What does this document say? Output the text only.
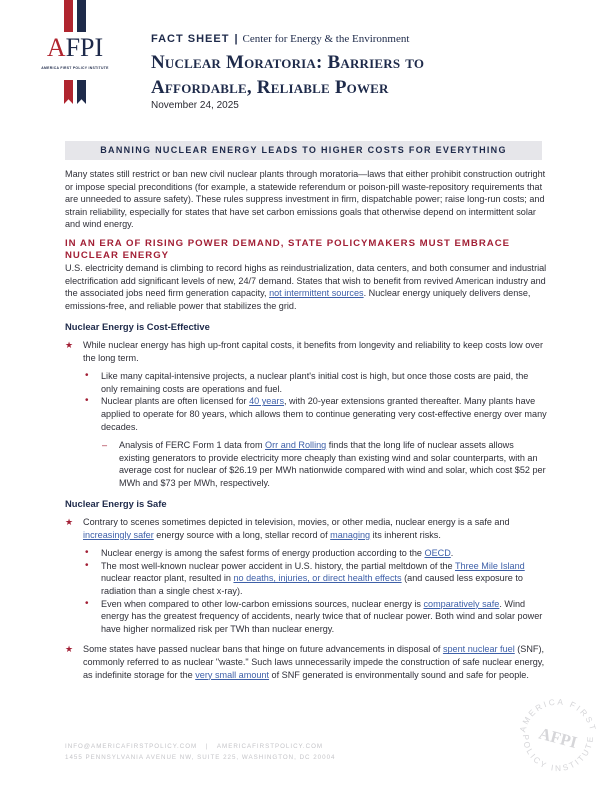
AFPI
AMERICA FIRST POLICY INSTITUTE
FACT SHEET | Center for Energy & the Environment
Nuclear Moratoria: Barriers to
Affordable, Reliable Power
November 24, 2025
BANNING NUCLEAR ENERGY LEADS TO HIGHER COSTS FOR EVERYTHING

Many states still restrict or ban new civil nuclear plants through moratoria—laws that either prohibit construction outright or impose special preconditions (for example, a statewide referendum or poison-pill waste-repository requirements that are unneeded to assure safety). These rules suppress investment in firm, dispatchable power; raise long-run costs; and strain reliability, especially for states that have set carbon emissions goals that otherwise depend on intermittent solar and wind energy.

IN AN ERA OF RISING POWER DEMAND, STATE POLICYMAKERS MUST EMBRACE NUCLEAR ENERGY

U.S. electricity demand is climbing to record highs as reindustrialization, data centers, and both consumer and industrial electrification add significant levels of new, 24/7 demand. States that wish to benefit from revived American industry and the associated jobs need firm generation capacity, not intermittent sources. Nuclear energy uniquely delivers dense, emissions-free, and reliable power that stabilizes the grid.

Nuclear Energy is Cost-Effective
★ While nuclear energy has high up-front capital costs, it benefits from longevity and reliability to keep costs low over the long term.
• Like many capital-intensive projects, a nuclear plant's initial cost is high, but once those costs are paid, the only remaining costs are operations and fuel.
• Nuclear plants are often licensed for 40 years, with 20-year extensions granted thereafter. Many plants have applied to operate for 80 years, which allows them to continue generating very cost-effective energy over many decades.
– Analysis of FERC Form 1 data from Orr and Rolling finds that the long life of nuclear assets allows existing generators to provide electricity more cheaply than existing wind and solar counterparts, with an average cost for nuclear of $26.19 per MWh nationwide compared with wind and solar, which cost $52 per MWh and $73 per MWh, respectively.
Nuclear Energy is Safe
★ Contrary to scenes sometimes depicted in television, movies, or other media, nuclear energy is a safe and increasingly safer energy source with a long, stellar record of managing its inherent risks.
• Nuclear energy is among the safest forms of energy production according to the OECD.
• The most well-known nuclear power accident in U.S. history, the partial meltdown of the Three Mile Island nuclear reactor plant, resulted in no deaths, injuries, or direct health effects (and caused less exposure to radiation than a single chest x-ray).
• Even when compared to other low-carbon emissions sources, nuclear energy is comparatively safe. Wind energy has the greatest frequency of accidents, nearly twice that of nuclear power. Both wind and solar power have higher normalized risk per TWh than nuclear energy.
★ Some states have passed nuclear bans that hinge on future advancements in disposal of spent nuclear fuel (SNF), commonly referred to as nuclear "waste." Such laws unnecessarily impede the construction of safe nuclear energy, as indefinite storage for the very small amount of SNF generated is environmentally sound and safe for people.
INFO@AMERICAFIRSTPOLICY.COM | AMERICAFIRSTPOLICY.COM
1455 PENNSYLVANIA AVENUE NW, SUITE 225, WASHINGTON, DC 20004
AMERICA FIRST
POLICY INSTITUTE
AFPI
